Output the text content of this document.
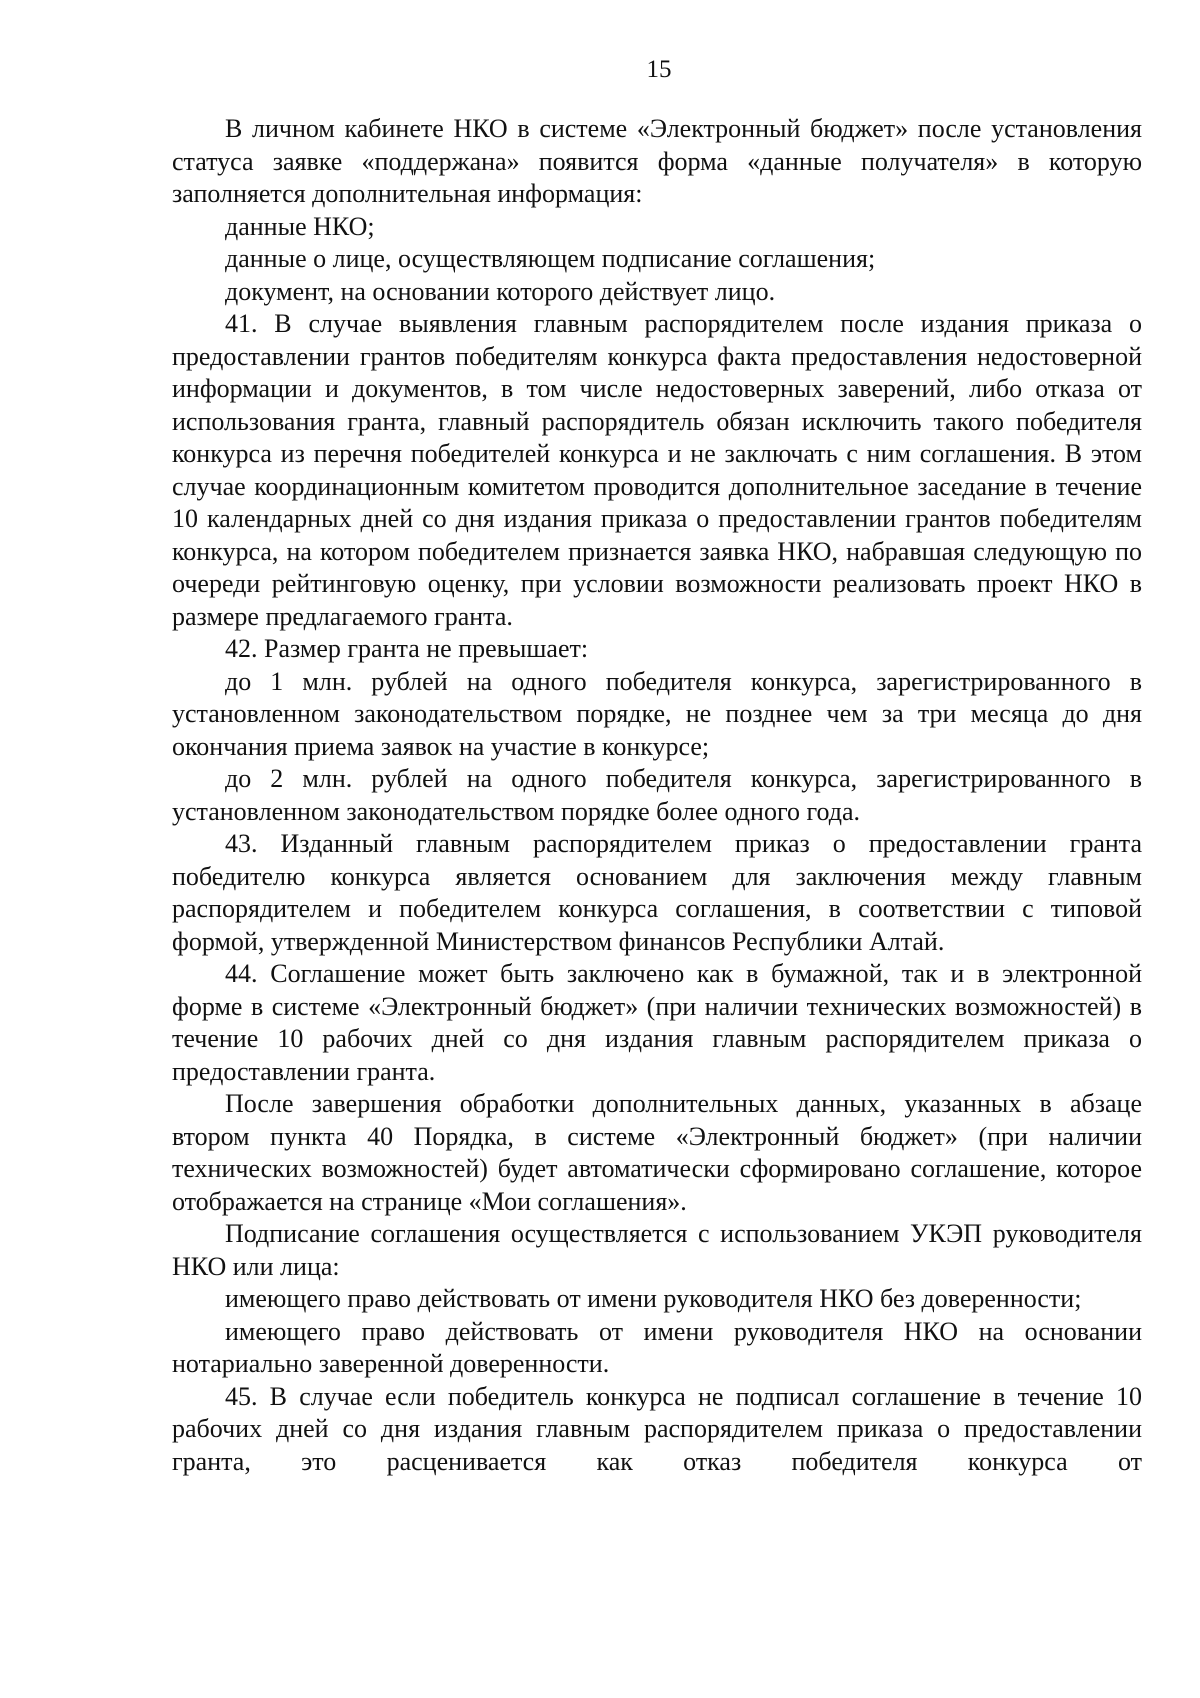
15

В личном кабинете НКО в системе «Электронный бюджет» после установления статуса заявке «поддержана» появится форма «данные получателя» в которую заполняется дополнительная информация:

данные НКО;

данные о лице, осуществляющем подписание соглашения;

документ, на основании которого действует лицо.

41. В случае выявления главным распорядителем после издания приказа о предоставлении грантов победителям конкурса факта предоставления недостоверной информации и документов, в том числе недостоверных заверений, либо отказа от использования гранта, главный распорядитель обязан исключить такого победителя конкурса из перечня победителей конкурса и не заключать с ним соглашения. В этом случае координационным комитетом проводится дополнительное заседание в течение 10 календарных дней со дня издания приказа о предоставлении грантов победителям конкурса, на котором победителем признается заявка НКО, набравшая следующую по очереди рейтинговую оценку, при условии возможности реализовать проект НКО в размере предлагаемого гранта.

42. Размер гранта не превышает:

до 1 млн. рублей на одного победителя конкурса, зарегистрированного в установленном законодательством порядке, не позднее чем за три месяца до дня окончания приема заявок на участие в конкурсе;

до 2 млн. рублей на одного победителя конкурса, зарегистрированного в установленном законодательством порядке более одного года.

43. Изданный главным распорядителем приказ о предоставлении гранта победителю конкурса является основанием для заключения между главным распорядителем и победителем конкурса соглашения, в соответствии с типовой формой, утвержденной Министерством финансов Республики Алтай.

44. Соглашение может быть заключено как в бумажной, так и в электронной форме в системе «Электронный бюджет» (при наличии технических возможностей) в течение 10 рабочих дней со дня издания главным распорядителем приказа о предоставлении гранта.

После завершения обработки дополнительных данных, указанных в абзаце втором пункта 40 Порядка, в системе «Электронный бюджет» (при наличии технических возможностей) будет автоматически сформировано соглашение, которое отображается на странице «Мои соглашения».

Подписание соглашения осуществляется с использованием УКЭП руководителя НКО или лица:

имеющего право действовать от имени руководителя НКО без доверенности;

имеющего право действовать от имени руководителя НКО на основании нотариально заверенной доверенности.

45. В случае если победитель конкурса не подписал соглашение в течение 10 рабочих дней со дня издания главным распорядителем приказа о предоставлении гранта, это расценивается как отказ победителя конкурса от
